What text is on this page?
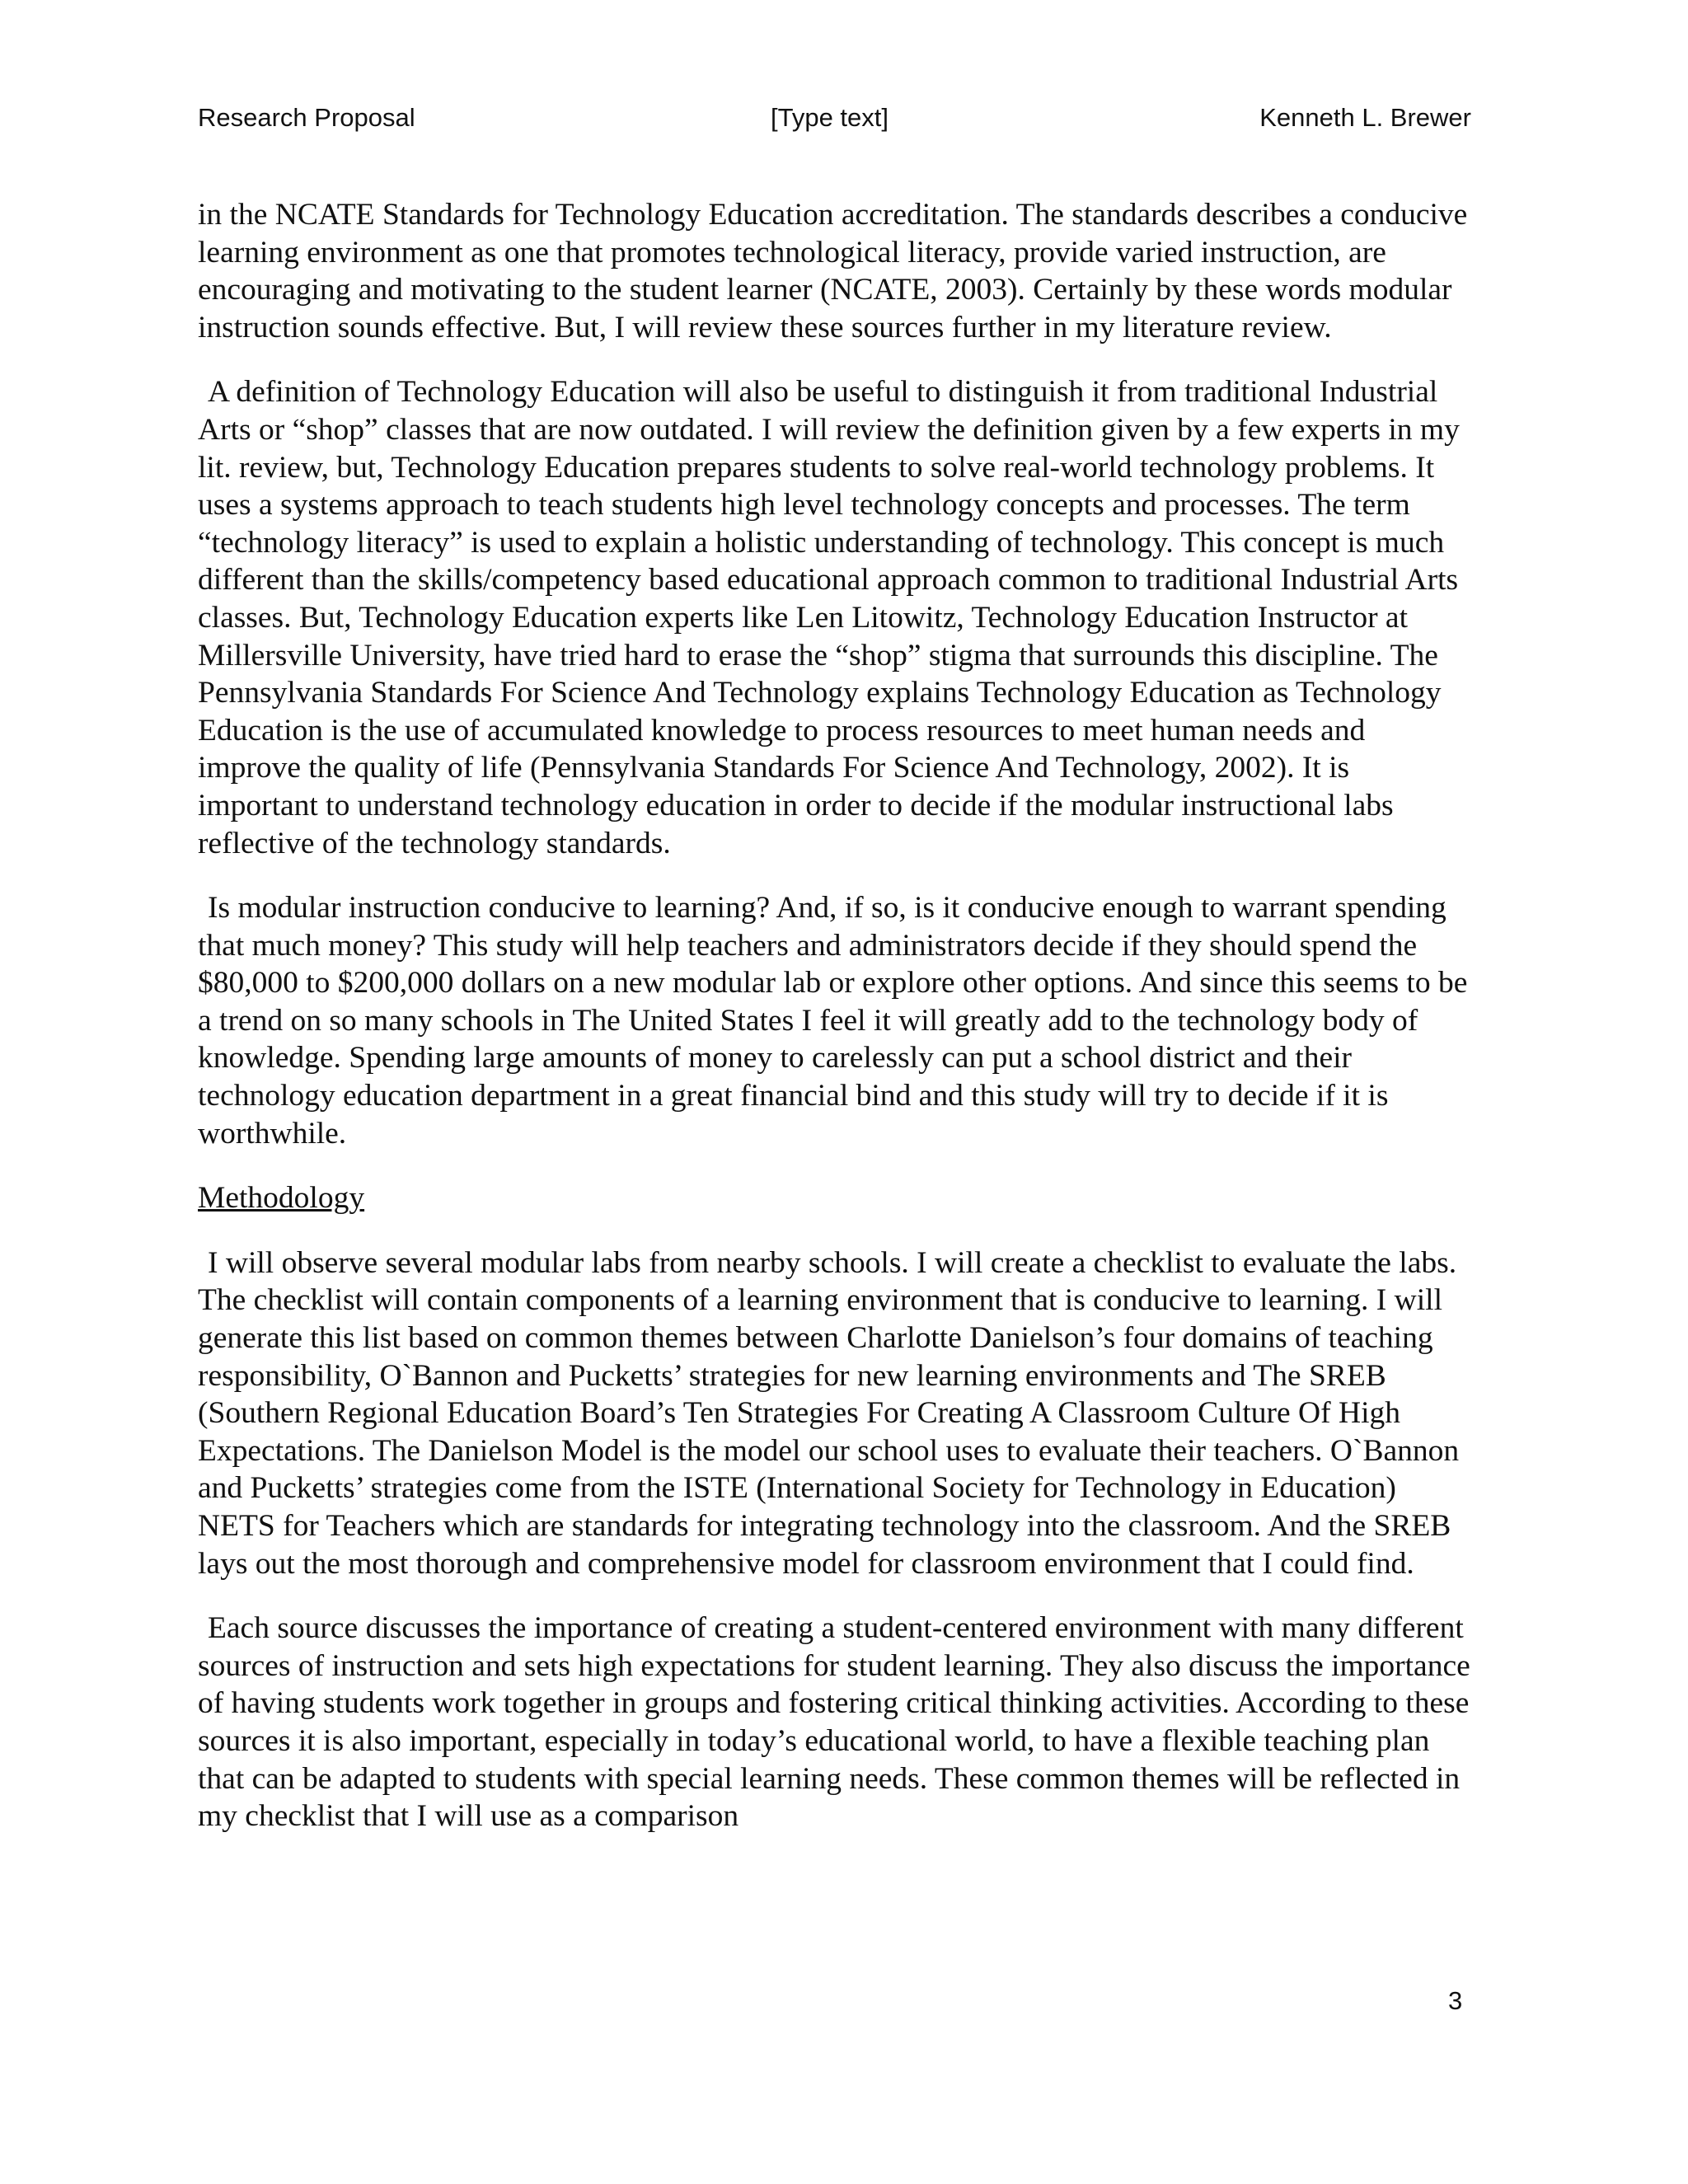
Research Proposal	[Type text]	Kenneth L. Brewer

in the NCATE Standards for Technology Education accreditation. The standards describes a conducive learning environment as one that promotes technological literacy, provide varied instruction, are encouraging and motivating to the student learner (NCATE, 2003). Certainly by these words modular instruction sounds effective. But, I will review these sources further in my literature review.

A definition of Technology Education will also be useful to distinguish it from traditional Industrial Arts or “shop” classes that are now outdated. I will review the definition given by a few experts in my lit. review, but, Technology Education prepares students to solve real-world technology problems. It uses a systems approach to teach students high level technology concepts and processes. The term “technology literacy” is used to explain a holistic understanding of technology. This concept is much different than the skills/competency based educational approach common to traditional Industrial Arts classes. But, Technology Education experts like Len Litowitz, Technology Education Instructor at Millersville University, have tried hard to erase the “shop” stigma that surrounds this discipline. The Pennsylvania Standards For Science And Technology explains Technology Education as Technology Education is the use of accumulated knowledge to process resources to meet human needs and improve the quality of life (Pennsylvania Standards For Science And Technology, 2002). It is important to understand technology education in order to decide if the modular instructional labs reflective of the technology standards.

Is modular instruction conducive to learning? And, if so, is it conducive enough to warrant spending that much money? This study will help teachers and administrators decide if they should spend the $80,000 to $200,000 dollars on a new modular lab or explore other options. And since this seems to be a trend on so many schools in The United States I feel it will greatly add to the technology body of knowledge. Spending large amounts of money to carelessly can put a school district and their technology education department in a great financial bind and this study will try to decide if it is worthwhile.

Methodology

I will observe several modular labs from nearby schools. I will create a checklist to evaluate the labs. The checklist will contain components of a learning environment that is conducive to learning. I will generate this list based on common themes between Charlotte Danielson’s four domains of teaching responsibility, O`Bannon and Pucketts’ strategies for new learning environments and The SREB (Southern Regional Education Board’s Ten Strategies For Creating A Classroom Culture Of High Expectations. The Danielson Model is the model our school uses to evaluate their teachers. O`Bannon and Pucketts’ strategies come from the ISTE (International Society for Technology in Education) NETS for Teachers which are standards for integrating technology into the classroom. And the SREB lays out the most thorough and comprehensive model for classroom environment that I could find.

Each source discusses the importance of creating a student-centered environment with many different sources of instruction and sets high expectations for student learning. They also discuss the importance of having students work together in groups and fostering critical thinking activities. According to these sources it is also important, especially in today’s educational world, to have a flexible teaching plan that can be adapted to students with special learning needs. These common themes will be reflected in my checklist that I will use as a comparison

3
